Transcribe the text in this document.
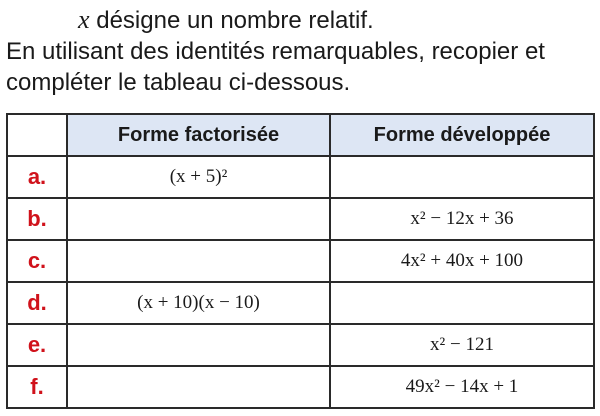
x désigne un nombre relatif.
En utilisant des identités remarquables, recopier et
compléter le tableau ci-dessous.
	Forme factorisée	Forme développée
a.	(x + 5)²	
b.		x² − 12x + 36
c.		4x² + 40x + 100
d.	(x + 10)(x − 10)	
e.		x² − 121
f.		49x² − 14x + 1
